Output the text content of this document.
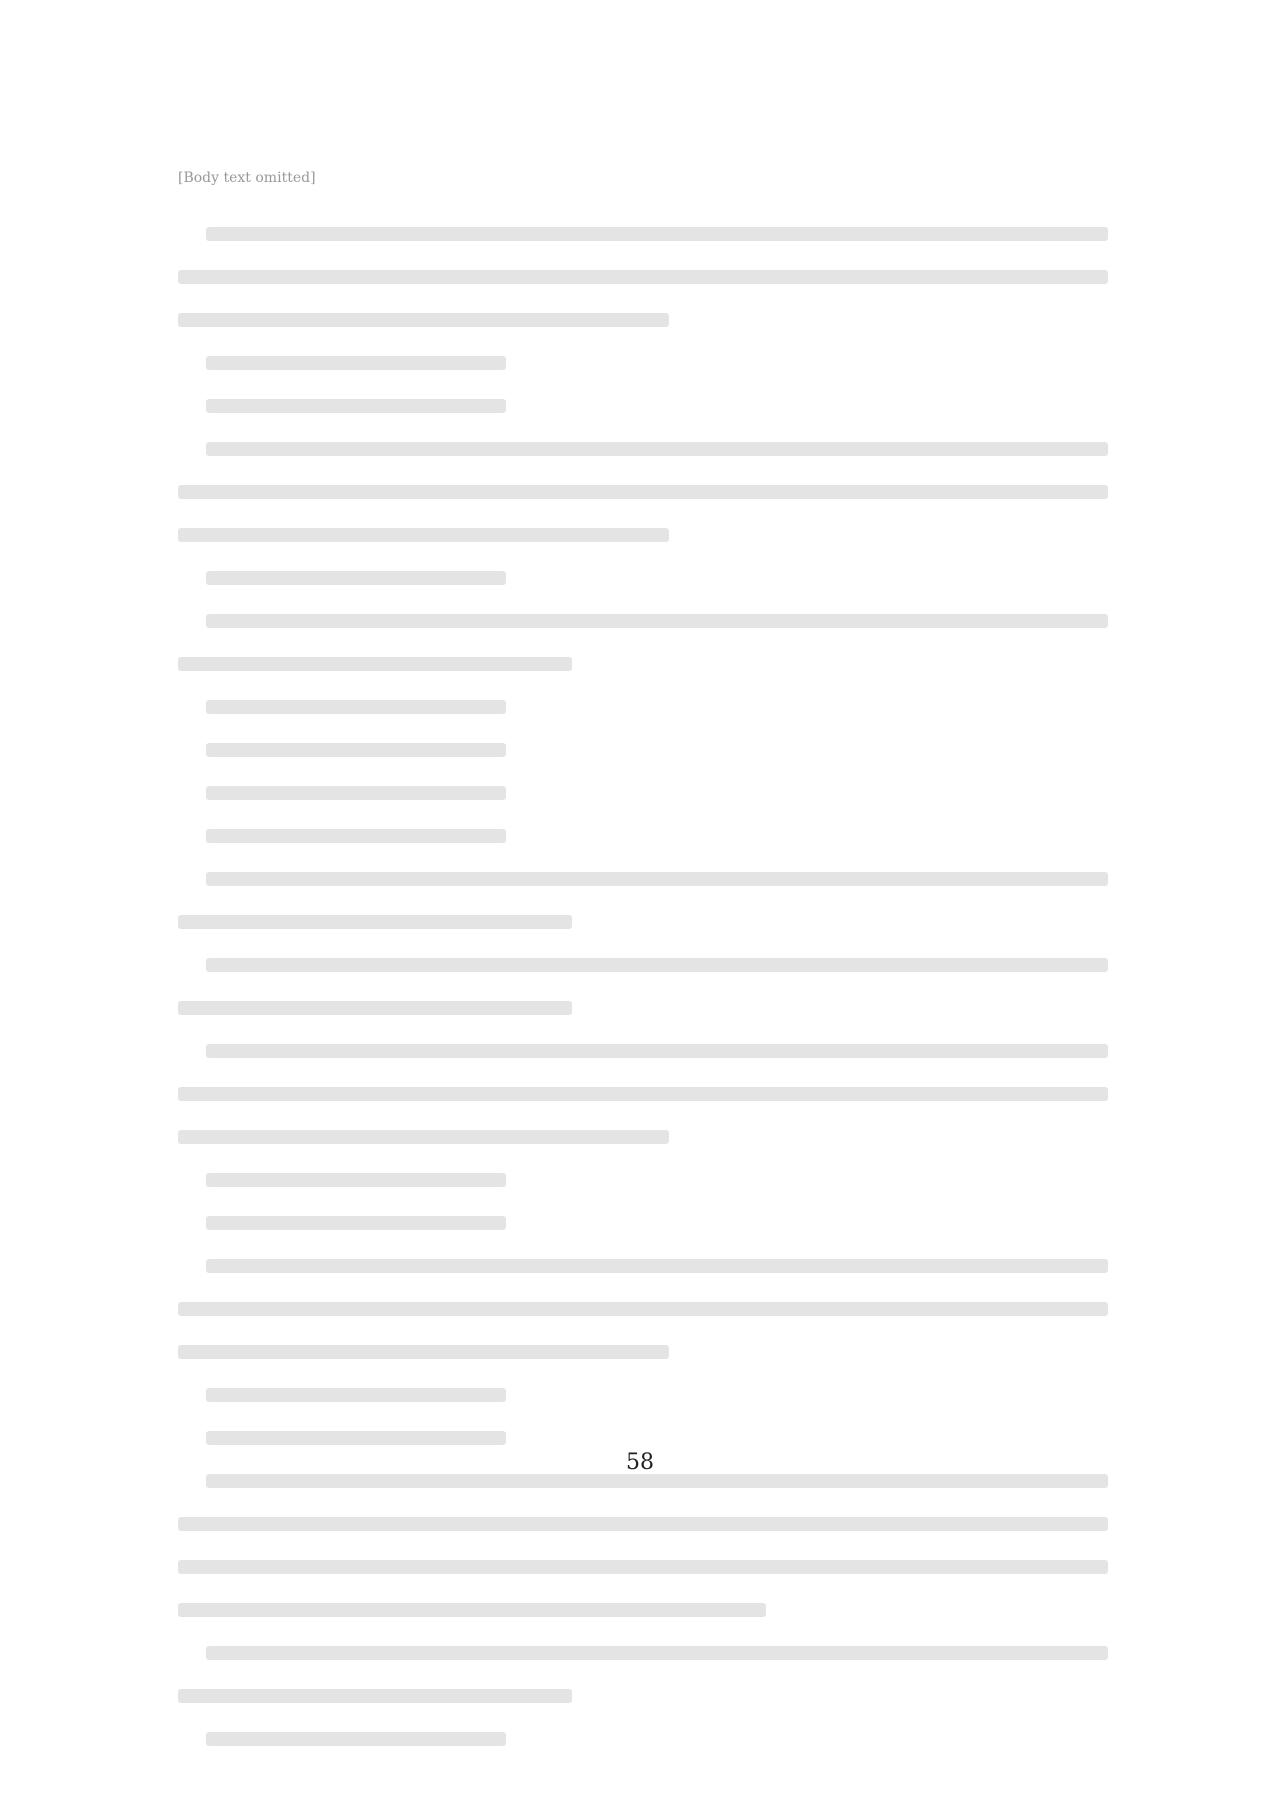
[Body text omitted]
58
